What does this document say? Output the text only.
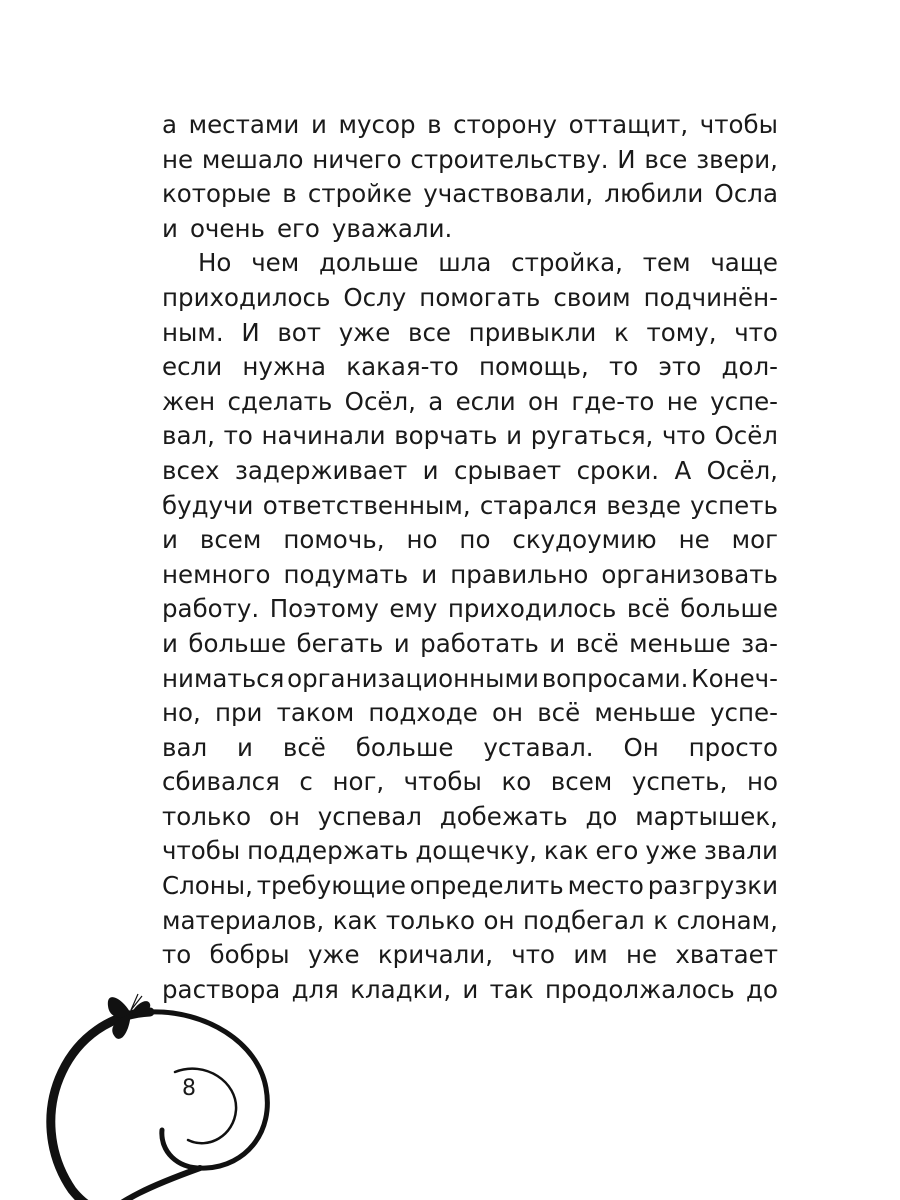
а местами и мусор в сторону оттащит, чтобы
не мешало ничего строительству. И все звери,
которые в стройке участвовали, любили Осла
и очень его уважали.
Но чем дольше шла стройка, тем чаще
приходилось Ослу помогать своим подчинён-
ным. И вот уже все привыкли к тому, что
если нужна какая-то помощь, то это дол-
жен сделать Осёл, а если он где-то не успе-
вал, то начинали ворчать и ругаться, что Осёл
всех задерживает и срывает сроки. А Осёл,
будучи ответственным, старался везде успеть
и всем помочь, но по скудоумию не мог
немного подумать и правильно организовать
работу. Поэтому ему приходилось всё больше
и больше бегать и работать и всё меньше за-
ниматься организационными вопросами. Конеч-
но, при таком подходе он всё меньше успе-
вал и всё больше уставал. Он просто
сбивался с ног, чтобы ко всем успеть, но
только он успевал добежать до мартышек,
чтобы поддержать дощечку, как его уже звали
Слоны, требующие определить место разгрузки
материалов, как только он подбегал к слонам,
то бобры уже кричали, что им не хватает
раствора для кладки, и так продолжалось до
8
